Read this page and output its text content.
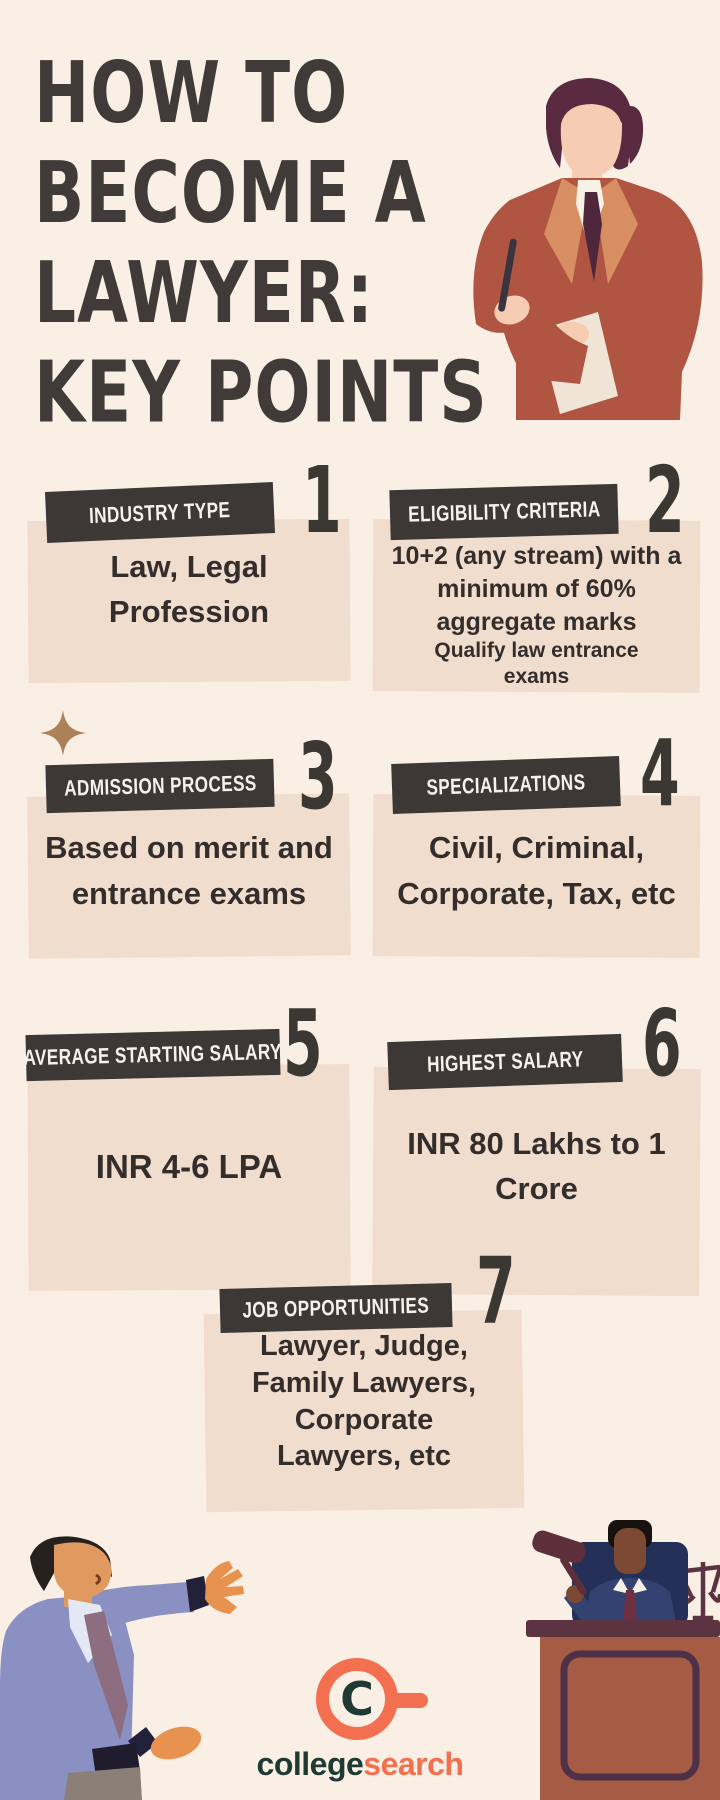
HOW TO
BECOME A
LAWYER:
KEY POINTS
INDUSTRY TYPE 1
Law, Legal Profession
ELIGIBILITY CRITERIA 2
10+2 (any stream) with a minimum of 60% aggregate marks
Qualify law entrance exams
ADMISSION PROCESS 3
Based on merit and entrance exams
SPECIALIZATIONS 4
Civil, Criminal, Corporate, Tax, etc
AVERAGE STARTING SALARY 5
INR 4-6 LPA
HIGHEST SALARY 6
INR 80 Lakhs to 1 Crore
JOB OPPORTUNITIES 7
Lawyer, Judge, Family Lawyers, Corporate Lawyers, etc
C
collegesearch
